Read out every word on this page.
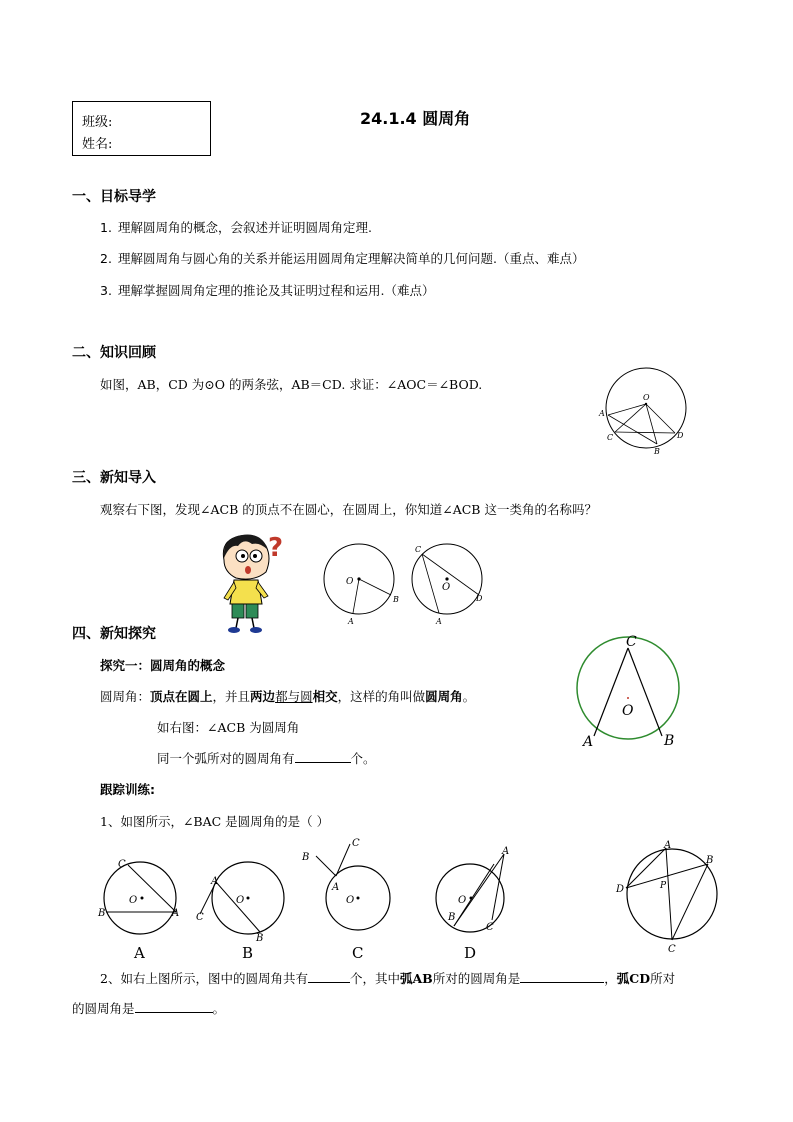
班级:
姓名:
24.1.4 圆周角
一、目标导学
1. 理解圆周角的概念，会叙述并证明圆周角定理.
2. 理解圆周角与圆心角的关系并能运用圆周角定理解决简单的几何问题.（重点、难点）
3. 理解掌握圆周角定理的推论及其证明过程和运用.（难点）
二、知识回顾
如图，AB，CD 为⊙O 的两条弦，AB＝CD. 求证：∠AOC＝∠BOD.
O
A
C	D
B
三、新知导入
观察右下图，发现∠ACB 的顶点不在圆心，在圆周上，你知道∠ACB 这一类角的名称吗？
?
O
B
A
C
O
D
A
四、新知探究
探究一：圆周角的概念
圆周角：顶点在圆上，并且两边都与圆相交，这样的角叫做圆周角。
如右图：∠ACB 为圆周角
同一个弧所对的圆周角有	个。
C
O
A	B
跟踪训练:
1、如图所示，∠BAC 是圆周角的是（ ）
C
O
B	A
A
A
O
C
B
B
C
B
A
O
C
A
O
B
C
D
A
B
D	P
C
2、如右上图所示，图中的圆周角共有	个，其中弧AB所对的圆周角是	，弧CD所对
的圆周角是	。
